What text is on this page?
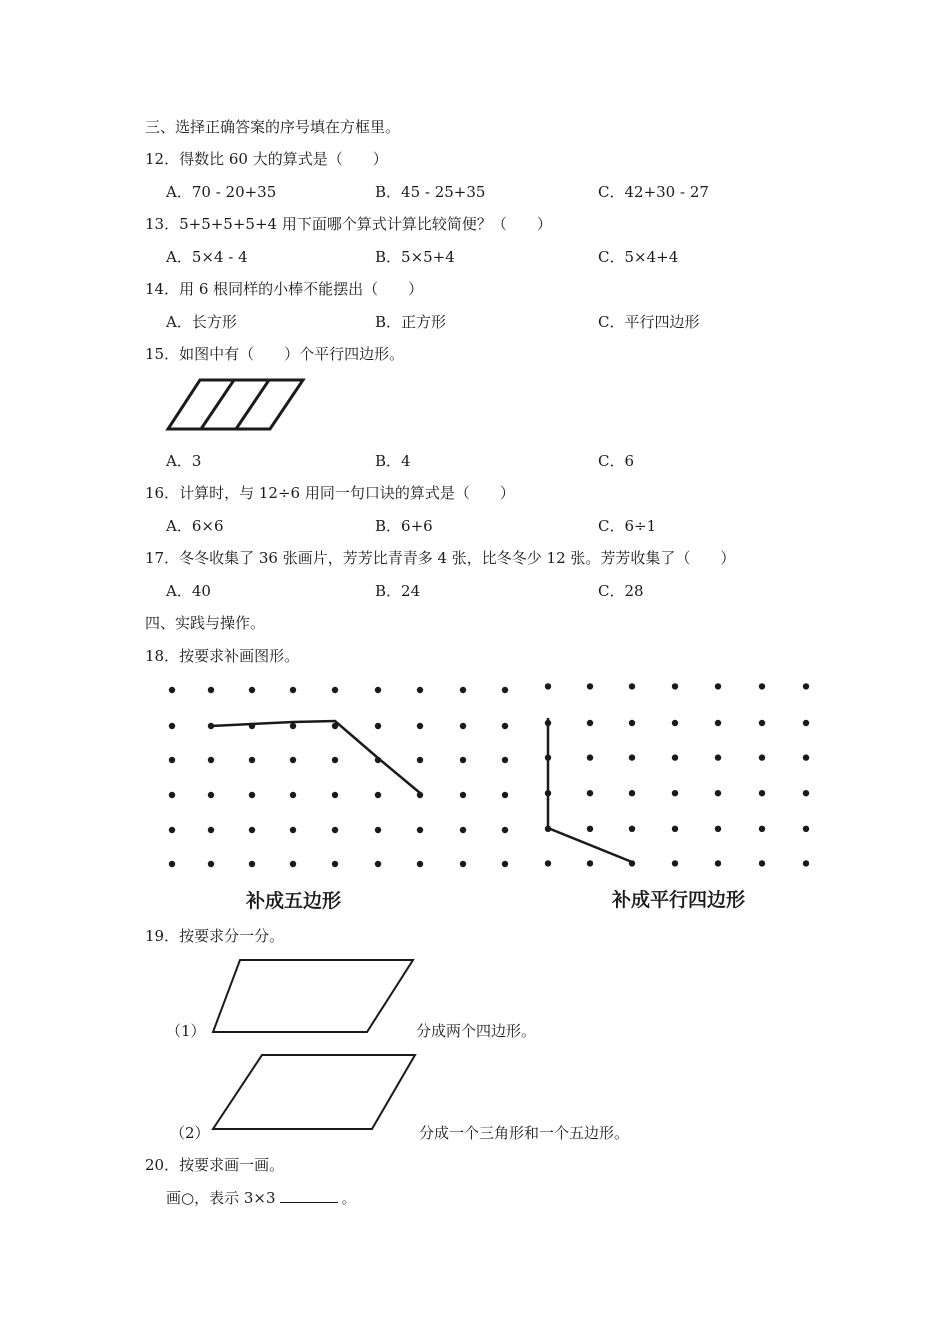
三、选择正确答案的序号填在方框里。
12．得数比 60 大的算式是（　　）
A．70 - 20+35	B．45 - 25+35	C．42+30 - 27
13．5+5+5+5+4 用下面哪个算式计算比较简便？（　　）
A．5×4 - 4	B．5×5+4	C．5×4+4
14．用 6 根同样的小棒不能摆出（　　）
A．长方形	B．正方形	C．平行四边形
15．如图中有（　　）个平行四边形。
A．3	B．4	C．6
16．计算时，与 12÷6 用同一句口诀的算式是（　　）
A．6×6	B．6+6	C．6÷1
17．冬冬收集了 36 张画片，芳芳比青青多 4 张，比冬冬少 12 张。芳芳收集了（　　）
A．40	B．24	C．28
四、实践与操作。
18．按要求补画图形。
补成五边形	补成平行四边形
19．按要求分一分。
（1）	分成两个四边形。
（2）	分成一个三角形和一个五边形。
20．按要求画一画。
画○，表示 3×3	。
